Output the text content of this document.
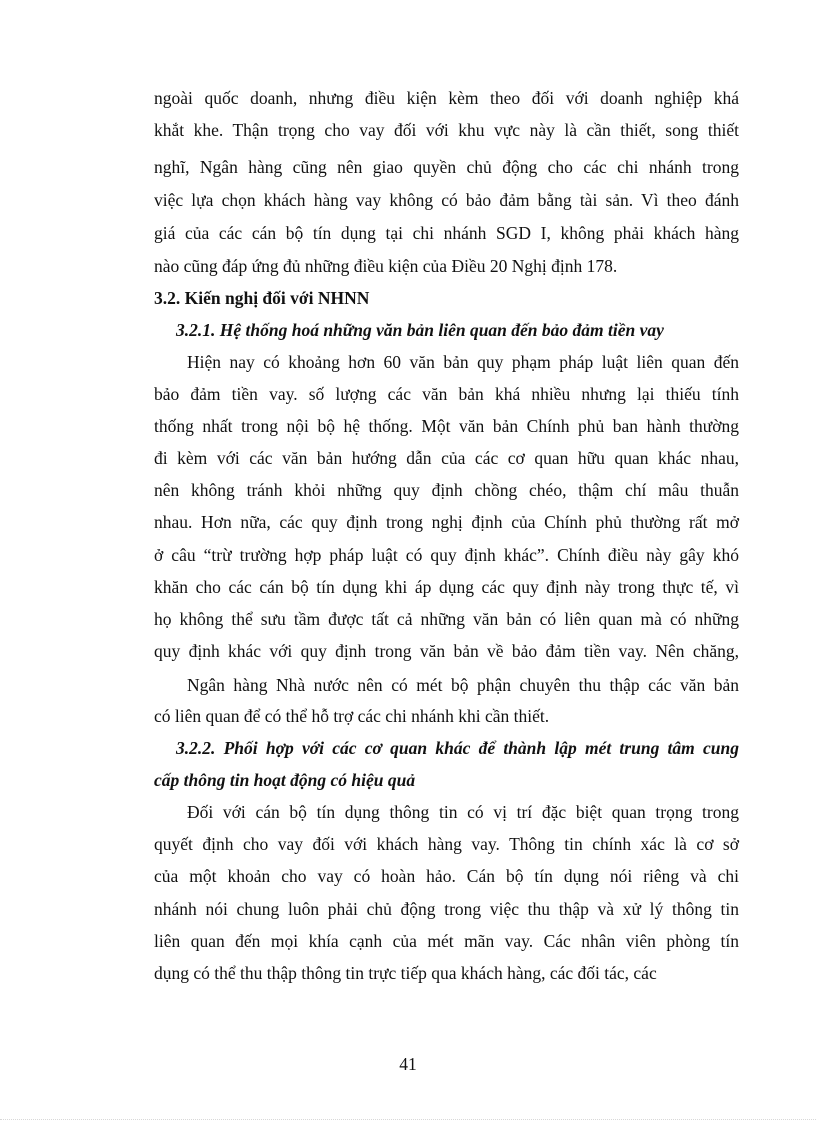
ngoài quốc doanh, nhưng điều kiện kèm theo đối với doanh nghiệp khá
khắt khe. Thận trọng cho vay đối với khu vực này là cần thiết, song thiết
nghĩ, Ngân hàng cũng nên giao quyền chủ động cho các chi nhánh trong
việc lựa chọn khách hàng vay không có bảo đảm bằng tài sản. Vì theo đánh
giá của các cán bộ tín dụng tại chi nhánh SGD I, không phải khách hàng
nào cũng đáp ứng đủ những điều kiện của Điều 20 Nghị định 178.
3.2. Kiến nghị đối với NHNN
3.2.1. Hệ thống hoá những văn bản liên quan đến bảo đảm tiền vay
Hiện nay có khoảng hơn 60 văn bản quy phạm pháp luật liên quan đến
bảo đảm tiền vay. số lượng các văn bản khá nhiều nhưng lại thiếu tính
thống nhất trong nội bộ hệ thống. Một văn bản Chính phủ ban hành thường
đi kèm với các văn bản hướng dẫn của các cơ quan hữu quan khác nhau,
nên không tránh khỏi những quy định chồng chéo, thậm chí mâu thuẫn
nhau. Hơn nữa, các quy định trong nghị định của Chính phủ thường rất mở
ở câu “trừ trường hợp pháp luật có quy định khác”. Chính điều này gây khó
khăn cho các cán bộ tín dụng khi áp dụng các quy định này trong thực tế, vì
họ không thể sưu tầm được tất cả những văn bản có liên quan mà có những
quy định khác với quy định trong văn bản về bảo đảm tiền vay. Nên chăng,
Ngân hàng Nhà nước nên có mét bộ phận chuyên thu thập các văn bản
có liên quan để có thể hỗ trợ các chi nhánh khi cần thiết.
3.2.2. Phối hợp với các cơ quan khác để thành lập mét trung tâm cung
cấp thông tin hoạt động có hiệu quả
Đối với cán bộ tín dụng thông tin có vị trí đặc biệt quan trọng trong
quyết định cho vay đối với khách hàng vay. Thông tin chính xác là cơ sở
của một khoản cho vay có hoàn hảo. Cán bộ tín dụng nói riêng và chi
nhánh nói chung luôn phải chủ động trong việc thu thập và xử lý thông tin
liên quan đến mọi khía cạnh của mét mãn vay. Các nhân viên phòng tín
dụng có thể thu thập thông tin trực tiếp qua khách hàng, các đối tác, các
41
